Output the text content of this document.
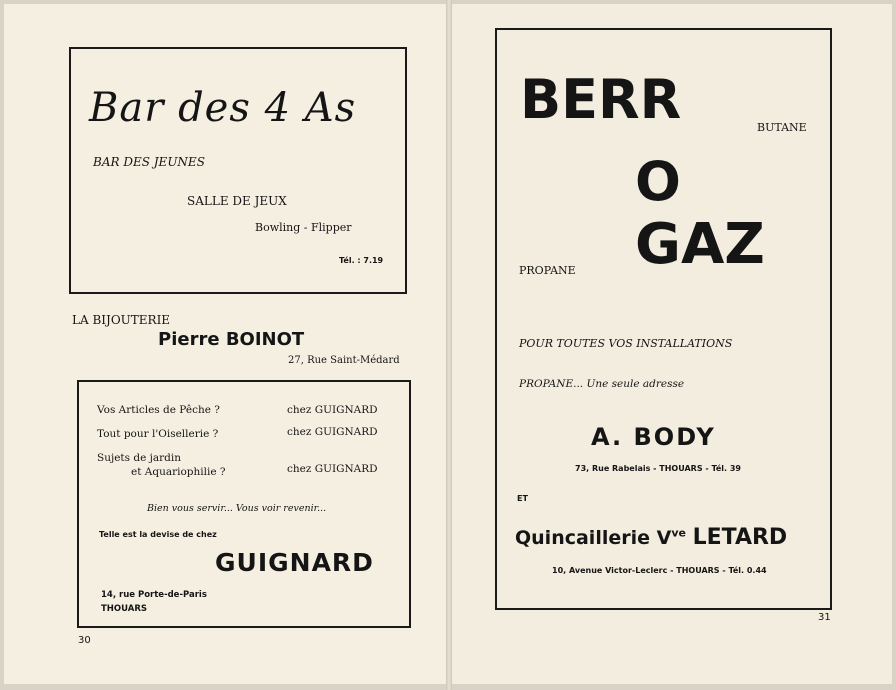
Bar des 4 As
BAR DES JEUNES
SALLE DE JEUX
Bowling - Flipper
Tél. : 7.19
LA BIJOUTERIE
Pierre BOINOT
27, Rue Saint-Médard
Vos Articles de Pêche ?	chez GUIGNARD
Tout pour l'Oisellerie ?	chez GUIGNARD
Sujets de jardin
et Aquariophilie ?	chez GUIGNARD
Bien vous servir... Vous voir revenir...
Telle est la devise de chez
GUIGNARD
14, rue Porte-de-Paris
THOUARS
30
BERR	BUTANE
O
GAZ
PROPANE
POUR TOUTES VOS INSTALLATIONS
PROPANE... Une seule adresse
A. BODY
73, Rue Rabelais - THOUARS - Tél. 39
ET
Quincaillerie $V^{ve}$ LETARD
10, Avenue Victor-Leclerc - THOUARS - Tél. 0.44
31
